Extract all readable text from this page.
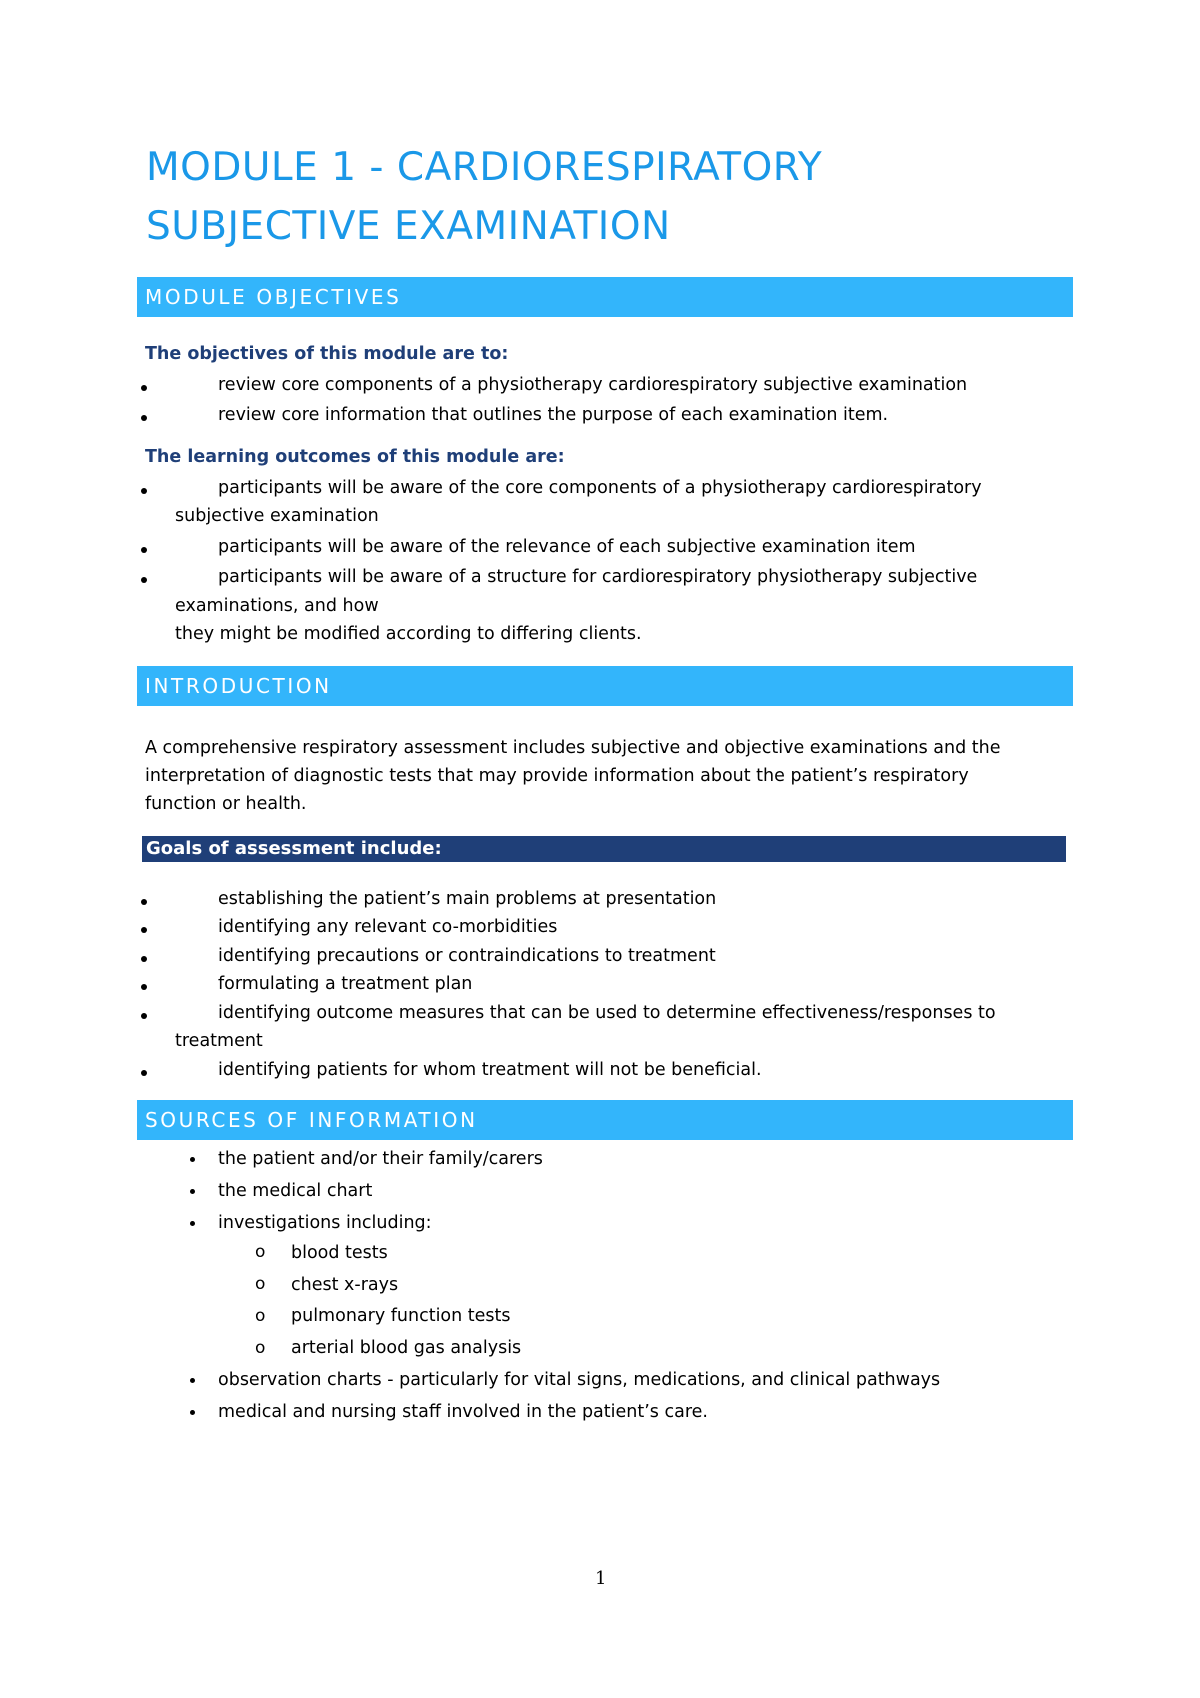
MODULE 1 - CARDIORESPIRATORY
SUBJECTIVE EXAMINATION
MODULE OBJECTIVES

The objectives of this module are to:

review core components of a physiotherapy cardiorespiratory subjective examination
review core information that outlines the purpose of each examination item.

The learning outcomes of this module are:

participants will be aware of the core components of a physiotherapy cardiorespiratory
subjective examination
participants will be aware of the relevance of each subjective examination item
participants will be aware of a structure for cardiorespiratory physiotherapy subjective
examinations, and how
they might be modified according to differing clients.
INTRODUCTION
A comprehensive respiratory assessment includes subjective and objective examinations and the
interpretation of diagnostic tests that may provide information about the patient’s respiratory
function or health.
Goals of assessment include:
establishing the patient’s main problems at presentation
identifying any relevant co-morbidities
identifying precautions or contraindications to treatment
formulating a treatment plan
identifying outcome measures that can be used to determine effectiveness/responses to
treatment
identifying patients for whom treatment will not be beneficial.
SOURCES OF INFORMATION
the patient and/or their family/carers
the medical chart
investigations including:
o blood tests
o chest x-rays
o pulmonary function tests
o arterial blood gas analysis
observation charts - particularly for vital signs, medications, and clinical pathways
medical and nursing staff involved in the patient’s care.
1
